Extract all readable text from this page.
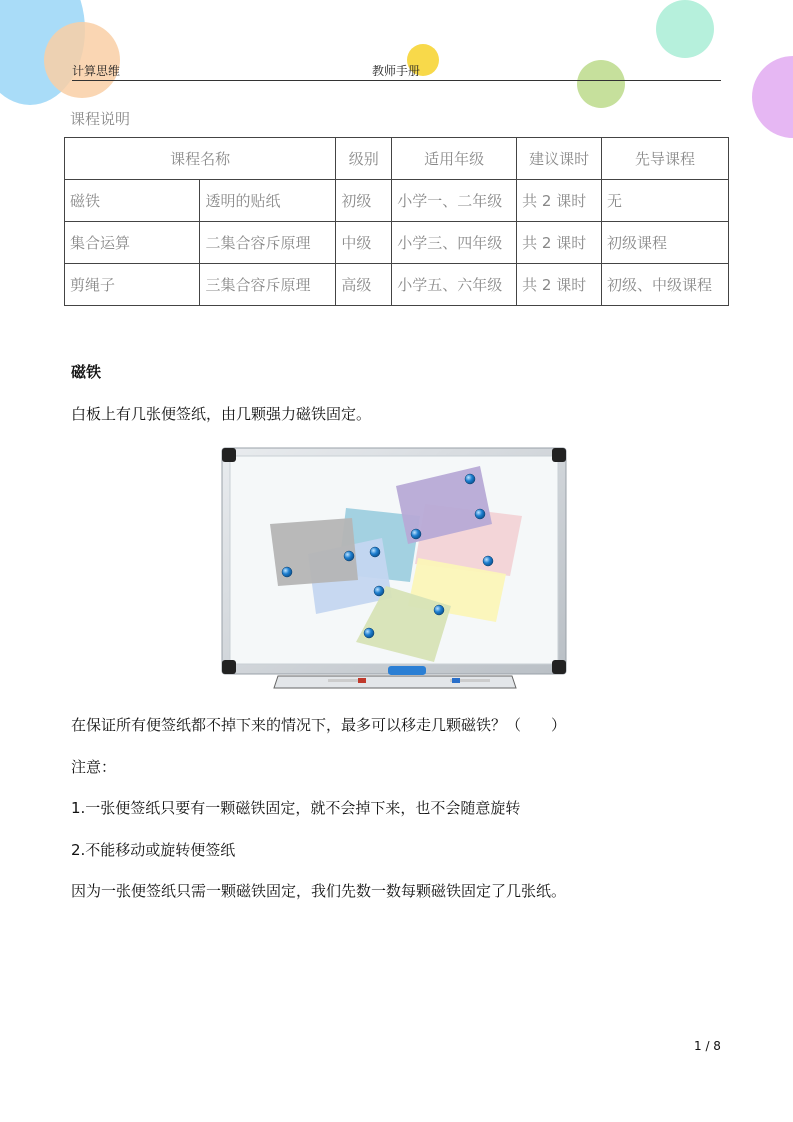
计算思维	教师手册
课程说明
课程名称		级别	适用年级	建议课时	先导课程
磁铁	透明的贴纸	初级	小学一、二年级	共 2 课时	无
集合运算	二集合容斥原理	中级	小学三、四年级	共 2 课时	初级课程
剪绳子	三集合容斥原理	高级	小学五、六年级	共 2 课时	初级、中级课程
磁铁
白板上有几张便签纸，由几颗强力磁铁固定。
在保证所有便签纸都不掉下来的情况下，最多可以移走几颗磁铁？（　　）
注意：
1.一张便签纸只要有一颗磁铁固定，就不会掉下来，也不会随意旋转
2.不能移动或旋转便签纸
因为一张便签纸只需一颗磁铁固定，我们先数一数每颗磁铁固定了几张纸。
1 / 8
